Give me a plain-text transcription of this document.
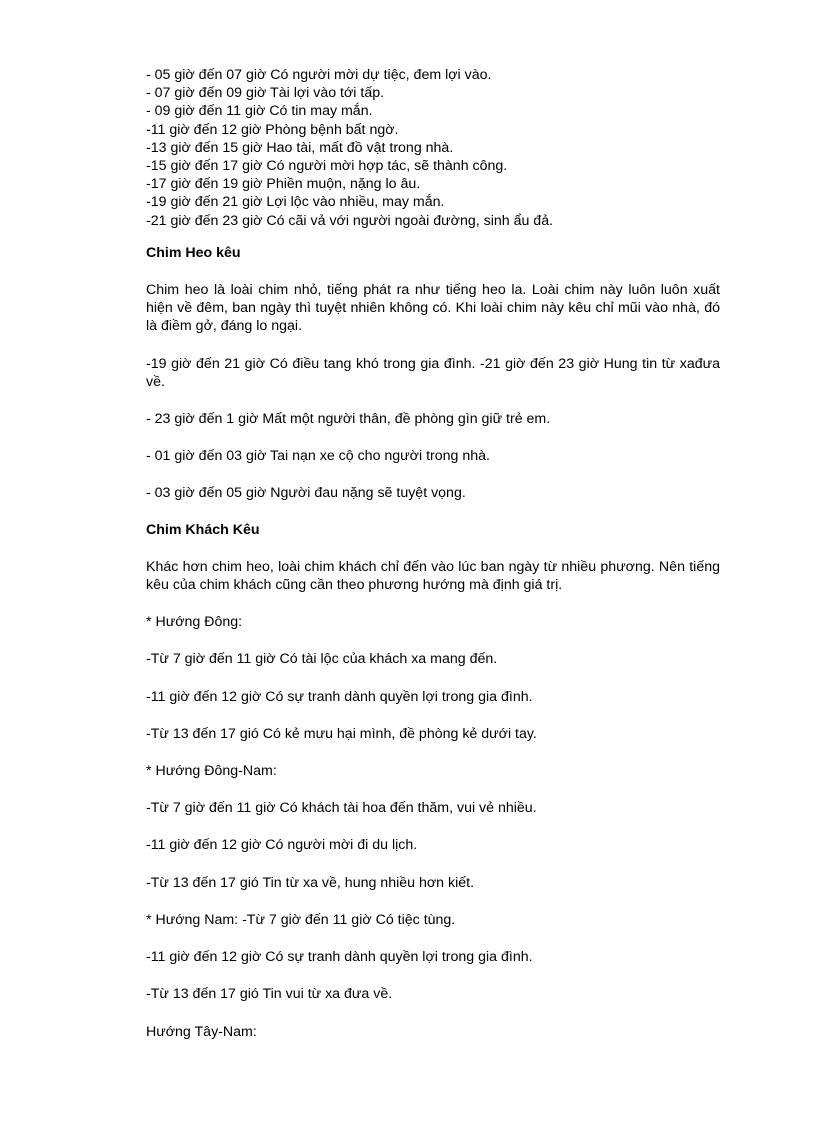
- 05 giờ đến 07 giờ Có người mời dự tiệc, đem lợi vào.
- 07 giờ đến 09 giờ Tài lợi vào tới tấp.
- 09 giờ đến 11 giờ Có tin may mắn.
-11 giờ đến 12 giờ Phòng bệnh bất ngờ.
-13 giờ đến 15 giờ Hao tài, mất đồ vật trong nhà.
-15 giờ đến 17 giờ Có người mời hợp tác, sẽ thành công.
-17 giờ đến 19 giờ Phiền muộn, nặng lo âu.
-19 giờ đến 21 giờ Lợi lộc vào nhiều, may mắn.
-21 giờ đến 23 giờ Có cãi vả với người ngoài đường, sinh ẩu đả.

Chim Heo kêu

Chim heo là loài chim nhỏ, tiếng phát ra như tiếng heo la. Loài chim này luôn luôn xuất hiện về đêm, ban ngày thì tuyệt nhiên không có. Khi loài chim này kêu chỉ mũi vào nhà, đó là điềm gở, đáng lo ngại.

-19 giờ đến 21 giờ Có điều tang khó trong gia đình. -21 giờ đến 23 giờ Hung tin từ xađưa về.

- 23 giờ đến 1 giờ Mất một người thân, đề phòng gìn giữ trẻ em.

- 01 giờ đến 03 giờ Tai nạn xe cộ cho người trong nhà.

- 03 giờ đến 05 giờ Người đau nặng sẽ tuyệt vọng.

Chim Khách Kêu

Khác hơn chim heo, loài chim khách chỉ đến vào lúc ban ngày từ nhiều phương. Nên tiếng kêu của chim khách cũng cần theo phương hướng mà định giá trị.

* Hướng Đông:

-Từ 7 giờ đến 11 giờ Có tài lộc của khách xa mang đến.

-11 giờ đến 12 giờ Có sự tranh dành quyền lợi trong gia đình.

-Từ 13 đến 17 gió Có kẻ mưu hại mình, đề phòng kẻ dưới tay.

* Hướng Đông-Nam:

-Từ 7 giờ đến 11 giờ Có khách tài hoa đến thăm, vui vẻ nhiều.

-11 giờ đến 12 giờ Có người mời đi du lịch.

-Từ 13 đến 17 gió Tin từ xa về, hung nhiều hơn kiết.

* Hướng Nam: -Từ 7 giờ đến 11 giờ Có tiệc tùng.

-11 giờ đến 12 giờ Có sự tranh dành quyền lợi trong gia đình.

-Từ 13 đến 17 gió Tin vui từ xa đưa về.

Hướng Tây-Nam:
